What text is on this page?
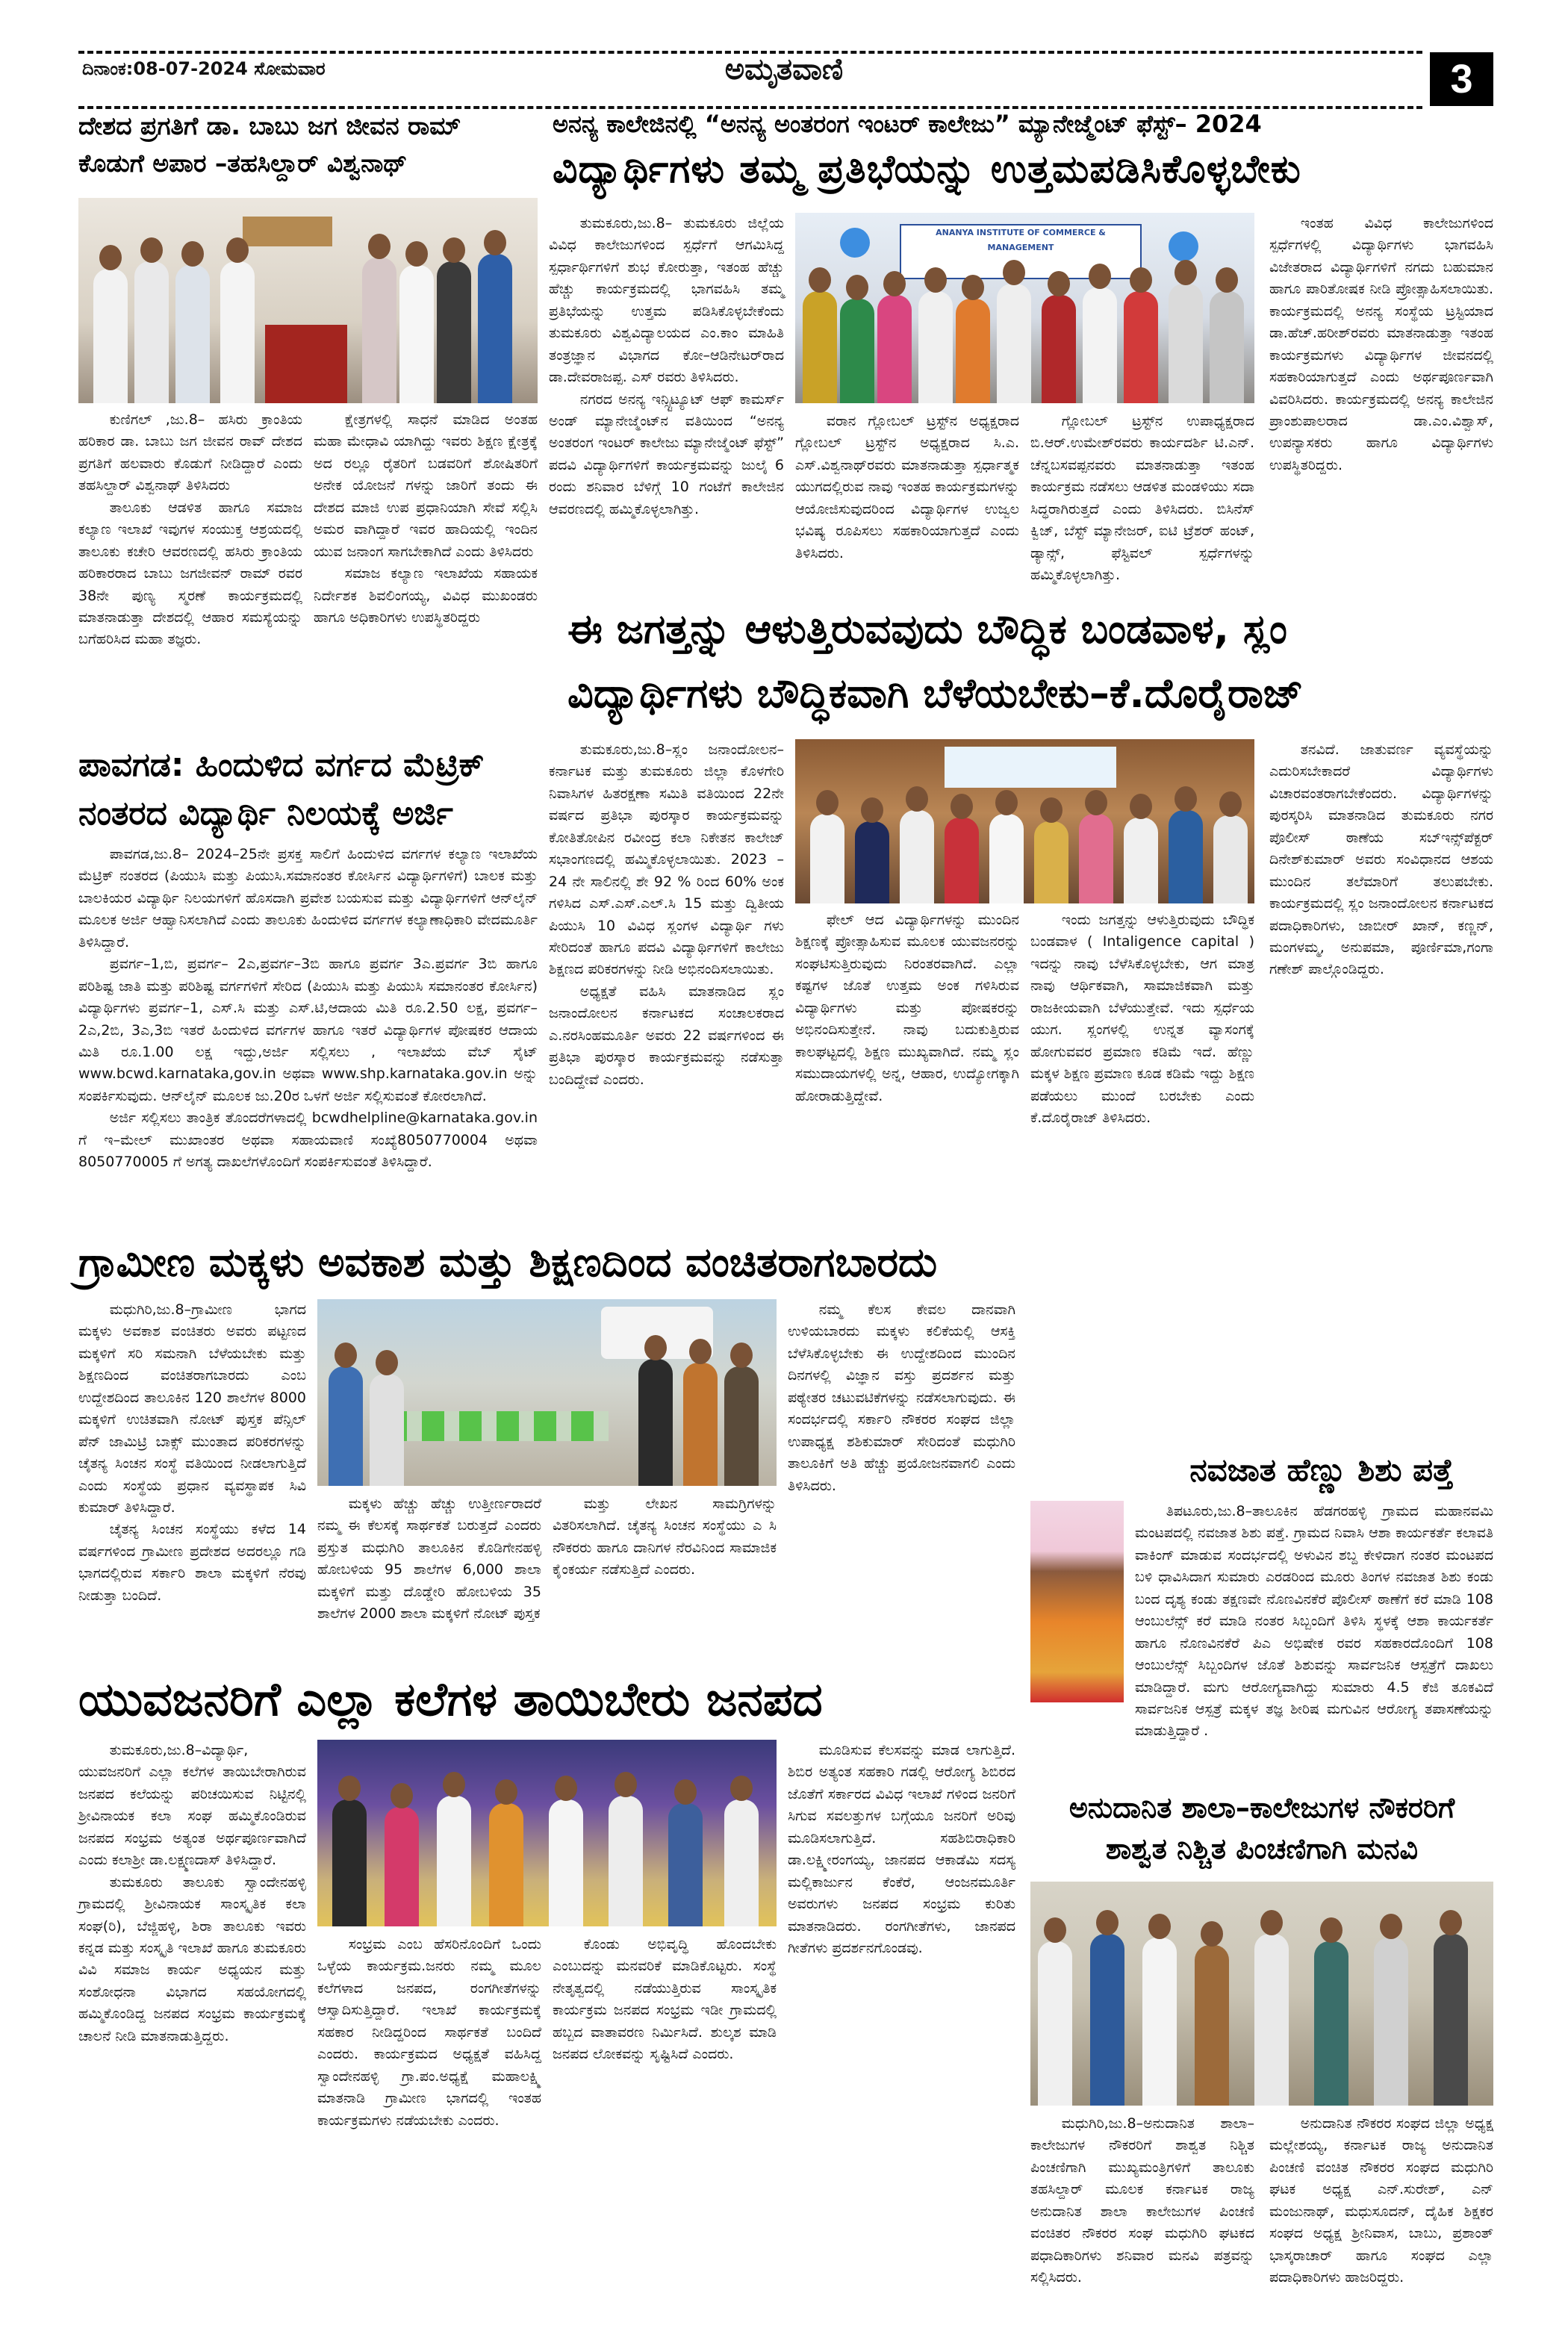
ದಿನಾಂಕ:08-07-2024 ಸೋಮವಾರ	ಅಮೃತವಾಣಿ	3
ದೇಶದ ಪ್ರಗತಿಗೆ ಡಾ. ಬಾಬು ಜಗ ಜೀವನ ರಾಮ್
ಕೊಡುಗೆ ಅಪಾರ –ತಹಸಿಲ್ದಾರ್ ವಿಶ್ವನಾಥ್

ಕುಣಿಗಲ್ ,ಜು.8– ಹಸಿರು ಕ್ರಾಂತಿಯ ಹರಿಕಾರ ಡಾ. ಬಾಬು ಜಗ ಜೀವನ ರಾವ್ ದೇಶದ ಪ್ರಗತಿಗೆ ಹಲವಾರು ಕೊಡುಗೆ ನೀಡಿದ್ದಾರೆ ಎಂದು ತಹಸಿಲ್ದಾರ್ ವಿಶ್ವನಾಥ್ ತಿಳಿಸಿದರು

ತಾಲೂಕು ಆಡಳಿತ ಹಾಗೂ ಸಮಾಜ ಕಲ್ಯಾಣ ಇಲಾಖೆ ಇವುಗಳ ಸಂಯುಕ್ತ ಆಶ್ರಯದಲ್ಲಿ ತಾಲೂಕು ಕಚೇರಿ ಆವರಣದಲ್ಲಿ ಹಸಿರು ಕ್ರಾಂತಿಯ ಹರಿಕಾರರಾದ ಬಾಬು ಜಗಜೀವನ್ ರಾಮ್ ರವರ 38ನೇ ಪುಣ್ಯ ಸ್ಮರಣೆ ಕಾರ್ಯಕ್ರಮದಲ್ಲಿ ಮಾತನಾಡುತ್ತಾ ದೇಶದಲ್ಲಿ ಆಹಾರ ಸಮಸ್ಯೆಯನ್ನು ಬಗೆಹರಿಸಿದ ಮಹಾ ತಜ್ಞರು.

ಕ್ಷೇತ್ರಗಳಲ್ಲಿ ಸಾಧನೆ ಮಾಡಿದ ಅಂತಹ ಮಹಾ ಮೇಧಾವಿ ಯಾಗಿದ್ದು ಇವರು ಶಿಕ್ಷಣ ಕ್ಷೇತ್ರಕ್ಕೆ ಅದ ರಲ್ಲೂ ರೈತರಿಗೆ ಬಡವರಿಗೆ ಶೋಷಿತರಿಗೆ ಅನೇಕ ಯೋಜನೆ ಗಳನ್ನು ಜಾರಿಗೆ ತಂದು ಈ ದೇಶದ ಮಾಜಿ ಉಪ ಪ್ರಧಾನಿಯಾಗಿ ಸೇವೆ ಸಲ್ಲಿಸಿ ಅಮರ ವಾಗಿದ್ದಾರೆ ಇವರ ಹಾದಿಯಲ್ಲಿ ಇಂದಿನ ಯುವ ಜನಾಂಗ ಸಾಗಬೇಕಾಗಿದೆ ಎಂದು ತಿಳಿಸಿದರು

ಸಮಾಜ ಕಲ್ಯಾಣ ಇಲಾಖೆಯ ಸಹಾಯಕ ನಿರ್ದೇಶಕ ಶಿವಲಿಂಗಯ್ಯ, ವಿವಿಧ ಮುಖಂಡರು ಹಾಗೂ ಅಧಿಕಾರಿಗಳು ಉಪಸ್ಥಿತರಿದ್ದರು

ಅನನ್ಯ ಕಾಲೇಜಿನಲ್ಲಿ “ಅನನ್ಯ ಅಂತರಂಗ ಇಂಟರ್ ಕಾಲೇಜು” ಮ್ಯಾನೇಜ್ಮೆಂಟ್ ಫೆಸ್ಟ್– 2024
ವಿದ್ಯಾರ್ಥಿಗಳು ತಮ್ಮ ಪ್ರತಿಭೆಯನ್ನು ಉತ್ತಮಪಡಿಸಿಕೊಳ್ಳಬೇಕು

ತುಮಕೂರು,ಜು.8– ತುಮಕೂರು ಜಿಲ್ಲೆಯ ವಿವಿಧ ಕಾಲೇಜುಗಳಿಂದ ಸ್ಪರ್ಧೆಗೆ ಆಗಮಿಸಿದ್ದ ಸ್ಪರ್ಧಾರ್ಥಿಗಳಿಗೆ ಶುಭ ಕೋರುತ್ತಾ, ಇತಂಹ ಹೆಚ್ಚು ಹೆಚ್ಚು ಕಾರ್ಯಕ್ರಮದಲ್ಲಿ ಭಾಗವಹಿಸಿ ತಮ್ಮ ಪ್ರತಿಭೆಯನ್ನು ಉತ್ತಮ ಪಡಿಸಿಕೊಳ್ಳಬೇಕೆಂದು ತುಮಕೂರು ವಿಶ್ವವಿದ್ಯಾಲಯದ ಎಂ.ಕಾಂ ಮಾಹಿತಿ ತಂತ್ರಜ್ಞಾನ ವಿಭಾಗದ ಕೋ–ಆಡಿನೇಟರ್‌ರಾದ ಡಾ.ದೇವರಾಜಪ್ಪ. ಎಸ್ ರವರು ತಿಳಿಸಿದರು.

ನಗರದ ಅನನ್ಯ ಇನ್ಸ್ಟಿಟ್ಯೂಟ್ ಆಫ್ ಕಾಮರ್ಸ್ ಅಂಡ್ ಮ್ಯಾನೇಜ್ಮೆಂಟ್‌ನ ವತಿಯಿಂದ “ಅನನ್ಯ ಅಂತರಂಗ ಇಂಟರ್ ಕಾಲೇಜು ಮ್ಯಾನೇಜ್ಮೆಂಟ್ ಫೆಸ್ಟ್” ಪದವಿ ವಿದ್ಯಾರ್ಥಿಗಳಿಗೆ ಕಾರ್ಯಕ್ರಮವನ್ನು ಜುಲೈ 6 ರಂದು ಶನಿವಾರ ಬೆಳಿಗ್ಗೆ 10 ಗಂಟೆಗೆ ಕಾಲೇಜಿನ ಆವರಣದಲ್ಲಿ ಹಮ್ಮಿಕೊಳ್ಳಲಾಗಿತ್ತು.

ANANYA INSTITUTE OF COMMERCE & MANAGEMENT

ವರಾನ ಗ್ಲೋಬಲ್ ಟ್ರಸ್ಟ್‌ನ ಅಧ್ಯಕ್ಷರಾದ ಗ್ಲೋಬಲ್ ಟ್ರಸ್ಟ್‌ನ ಅಧ್ಯಕ್ಷರಾದ ಸಿ.ಎ. ಎಸ್.ವಿಶ್ವನಾಥ್‌ರವರು ಮಾತನಾಡುತ್ತಾ ಸ್ಪರ್ಧಾತ್ಮಕ ಯುಗದಲ್ಲಿರುವ ನಾವು ಇಂತಹ ಕಾರ್ಯಕ್ರಮಗಳನ್ನು ಆಯೋಜಿಸುವುದರಿಂದ ವಿದ್ಯಾರ್ಥಿಗಳ ಉಜ್ವಲ ಭವಿಷ್ಯ ರೂಪಿಸಲು ಸಹಕಾರಿಯಾಗುತ್ತದೆ ಎಂದು ತಿಳಿಸಿದರು.

ಗ್ಲೋಬಲ್ ಟ್ರಸ್ಟ್‌ನ ಉಪಾಧ್ಯಕ್ಷರಾದ ಬಿ.ಆರ್.ಉಮೇಶ್‌ರವರು ಕಾರ್ಯದರ್ಶಿ ಟಿ.ಎನ್. ಚೆನ್ನಬಸವಪ್ಪನವರು ಮಾತನಾಡುತ್ತಾ ಇತಂಹ ಕಾರ್ಯಕ್ರಮ ನಡೆಸಲು ಆಡಳಿತ ಮಂಡಳಿಯು ಸದಾ ಸಿದ್ಧರಾಗಿರುತ್ತದೆ ಎಂದು ತಿಳಿಸಿದರು. ಬಿಸಿನೆಸ್ ಕ್ವಿಜ್, ಬೆಸ್ಟ್ ಮ್ಯಾನೇಜರ್, ಐಟಿ ಟ್ರೆಶರ್ ಹಂಟ್, ಡ್ಯಾನ್ಸ್, ಫೆಸ್ಟಿವಲ್ ಸ್ಪರ್ಧೆಗಳನ್ನು ಹಮ್ಮಿಕೊಳ್ಳಲಾಗಿತ್ತು.

ಇಂತಹ ವಿವಿಧ ಕಾಲೇಜುಗಳಿಂದ ಸ್ಪರ್ಧೆಗಳಲ್ಲಿ ವಿದ್ಯಾರ್ಥಿಗಳು ಭಾಗವಹಿಸಿ ವಿಜೇತರಾದ ವಿದ್ಯಾರ್ಥಿಗಳಿಗೆ ನಗದು ಬಹುಮಾನ ಹಾಗೂ ಪಾರಿತೋಷಕ ನೀಡಿ ಪ್ರೋತ್ಸಾಹಿಸಲಾಯಿತು. ಕಾರ್ಯಕ್ರಮದಲ್ಲಿ ಅನನ್ಯ ಸಂಸ್ಥೆಯ ಟ್ರಸ್ಟಿಯಾದ ಡಾ.ಹೆಚ್.ಹರೀಶ್‌ರವರು ಮಾತನಾಡುತ್ತಾ ಇತಂಹ ಕಾರ್ಯಕ್ರಮಗಳು ವಿದ್ಯಾರ್ಥಿಗಳ ಜೀವನದಲ್ಲಿ ಸಹಕಾರಿಯಾಗುತ್ತದೆ ಎಂದು ಅರ್ಥಪೂರ್ಣವಾಗಿ ವಿವರಿಸಿದರು. ಕಾರ್ಯಕ್ರಮದಲ್ಲಿ ಅನನ್ಯ ಕಾಲೇಜಿನ ಪ್ರಾಂಶುಪಾಲರಾದ ಡಾ.ಎಂ.ವಿಶ್ವಾಸ್, ಉಪನ್ಯಾಸಕರು ಹಾಗೂ ವಿದ್ಯಾರ್ಥಿಗಳು ಉಪಸ್ಥಿತರಿದ್ದರು.

ಈ ಜಗತ್ತನ್ನು ಆಳುತ್ತಿರುವವುದು ಬೌದ್ಧಿಕ ಬಂಡವಾಳ, ಸ್ಲಂ
ವಿದ್ಯಾರ್ಥಿಗಳು ಬೌದ್ಧಿಕವಾಗಿ ಬೆಳೆಯಬೇಕು–ಕೆ.ದೊರೈರಾಜ್

ತುಮಕೂರು,ಜು.8–ಸ್ಲಂ ಜನಾಂದೋಲನ–ಕರ್ನಾಟಕ ಮತ್ತು ತುಮಕೂರು ಜಿಲ್ಲಾ ಕೊಳಗೇರಿ ನಿವಾಸಿಗಳ ಹಿತರಕ್ಷಣಾ ಸಮಿತಿ ವತಿಯಿಂದ 22ನೇ ವರ್ಷದ ಪ್ರತಿಭಾ ಪುರಸ್ಕಾರ ಕಾರ್ಯಕ್ರಮವನ್ನು ಕೋತಿತೋಪಿನ ರವೀಂದ್ರ ಕಲಾ ನಿಕೇತನ ಕಾಲೇಜ್ ಸಭಾಂಗಣದಲ್ಲಿ ಹಮ್ಮಿಕೊಳ್ಳಲಾಯಿತು. 2023 – 24 ನೇ ಸಾಲಿನಲ್ಲಿ ಶೇ 92 % ರಿಂದ 60% ಅಂಕ ಗಳಿಸಿದ ಎಸ್.ಎಸ್.ಎಲ್.ಸಿ 15 ಮತ್ತು ದ್ವಿತೀಯ ಪಿಯುಸಿ 10 ವಿವಿಧ ಸ್ಲಂಗಳ ವಿದ್ಯಾರ್ಥಿ ಗಳು ಸೇರಿದಂತೆ ಹಾಗೂ ಪದವಿ ವಿದ್ಯಾರ್ಥಿಗಳಿಗೆ ಕಾಲೇಜು ಶಿಕ್ಷಣದ ಪರಿಕರಗಳನ್ನು ನೀಡಿ ಅಭಿನಂದಿಸಲಾಯಿತು.

ಅಧ್ಯಕ್ಷತೆ ವಹಿಸಿ ಮಾತನಾಡಿದ ಸ್ಲಂ ಜನಾಂದೋಲನ ಕರ್ನಾಟಕದ ಸಂಚಾಲಕರಾದ ಎ.ನರಸಿಂಹಮೂರ್ತಿ ಅವರು 22 ವರ್ಷಗಳಿಂದ ಈ ಪ್ರತಿಭಾ ಪುರಸ್ಕಾರ ಕಾರ್ಯಕ್ರಮವನ್ನು ನಡೆಸುತ್ತಾ ಬಂದಿದ್ದೇವೆ ಎಂದರು.

ಫೇಲ್ ಆದ ವಿದ್ಯಾರ್ಥಿಗಳನ್ನು ಮುಂದಿನ ಶಿಕ್ಷಣಕ್ಕೆ ಪ್ರೋತ್ಸಾಹಿಸುವ ಮೂಲಕ ಯುವಜನರನ್ನು ಸಂಘಟಿಸುತ್ತಿರುವುದು ನಿರಂತರವಾಗಿದೆ. ಎಲ್ಲಾ ಕಷ್ಟಗಳ ಜೊತೆ ಉತ್ತಮ ಅಂಕ ಗಳಿಸಿರುವ ವಿದ್ಯಾರ್ಥಿಗಳು ಮತ್ತು ಪೋಷಕರನ್ನು ಅಭಿನಂದಿಸುತ್ತೇನೆ. ನಾವು ಬದುಕುತ್ತಿರುವ ಕಾಲಘಟ್ಟದಲ್ಲಿ ಶಿಕ್ಷಣ ಮುಖ್ಯವಾಗಿದೆ. ನಮ್ಮ ಸ್ಲಂ ಸಮುದಾಯಗಳಲ್ಲಿ ಅನ್ನ, ಆಹಾರ, ಉದ್ಯೋಗಕ್ಕಾಗಿ ಹೋರಾಡುತ್ತಿದ್ದೇವೆ.

ಇಂದು ಜಗತ್ತನ್ನು ಆಳುತ್ತಿರುವುದು ಬೌದ್ಧಿಕ ಬಂಡವಾಳ ( Intaligence capital ) ಇದನ್ನು ನಾವು ಬೆಳೆಸಿಕೊಳ್ಳಬೇಕು, ಆಗ ಮಾತ್ರ ನಾವು ಆರ್ಥಿಕವಾಗಿ, ಸಾಮಾಜಿಕವಾಗಿ ಮತ್ತು ರಾಜಕೀಯವಾಗಿ ಬೆಳೆಯುತ್ತೇವೆ. ಇದು ಸ್ಪರ್ಧೆಯ ಯುಗ. ಸ್ಲಂಗಳಲ್ಲಿ ಉನ್ನತ ವ್ಯಾಸಂಗಕ್ಕೆ ಹೋಗುವವರ ಪ್ರಮಾಣ ಕಡಿಮೆ ಇದೆ. ಹೆಣ್ಣು ಮಕ್ಕಳ ಶಿಕ್ಷಣ ಪ್ರಮಾಣ ಕೂಡ ಕಡಿಮೆ ಇದ್ದು ಶಿಕ್ಷಣ ಪಡೆಯಲು ಮುಂದೆ ಬರಬೇಕು ಎಂದು ಕೆ.ದೊರೈರಾಜ್ ತಿಳಿಸಿದರು.

ತನವಿದೆ. ಜಾತುವರ್ಣ ವ್ಯವಸ್ಥೆಯನ್ನು ಎದುರಿಸಬೇಕಾದರೆ ವಿದ್ಯಾರ್ಥಿಗಳು ವಿಚಾರವಂತರಾಗಬೇಕೆಂದರು. ವಿದ್ಯಾರ್ಥಿಗಳನ್ನು ಪುರಸ್ಕರಿಸಿ ಮಾತನಾಡಿದ ತುಮಕೂರು ನಗರ ಪೊಲೀಸ್ ಠಾಣೆಯ ಸಬ್‌ಇನ್ಸ್‌ಪೆಕ್ಟರ್ ದಿನೇಶ್‌ಕುಮಾರ್ ಅವರು ಸಂವಿಧಾನದ ಆಶಯ ಮುಂದಿನ ತಲೆಮಾರಿಗೆ ತಲುಪಬೇಕು. ಕಾರ್ಯಕ್ರಮದಲ್ಲಿ ಸ್ಲಂ ಜನಾಂದೋಲನ ಕರ್ನಾಟಕದ ಪದಾಧಿಕಾರಿಗಳು, ಜಾಬೀರ್ ಖಾನ್, ಕಣ್ಣನ್, ಮಂಗಳಮ್ಮ, ಅನುಪಮಾ, ಪೂರ್ಣಿಮಾ,ಗಂಗಾ ಗಣೇಶ್ ಪಾಲ್ಗೊಂಡಿದ್ದರು.

ಪಾವಗಡ: ಹಿಂದುಳಿದ ವರ್ಗದ ಮೆಟ್ರಿಕ್
ನಂತರದ ವಿದ್ಯಾರ್ಥಿ ನಿಲಯಕ್ಕೆ ಅರ್ಜಿ

ಪಾವಗಡ,ಜು.8– 2024–25ನೇ ಪ್ರಸಕ್ತ ಸಾಲಿಗೆ ಹಿಂದುಳಿದ ವರ್ಗಗಳ ಕಲ್ಯಾಣ ಇಲಾಖೆಯ ಮೆಟ್ರಿಕ್ ನಂತರದ (ಪಿಯುಸಿ ಮತ್ತು ಪಿಯುಸಿ.ಸಮಾನಂತರ ಕೋರ್ಸಿನ ವಿದ್ಯಾರ್ಥಿಗಳಿಗೆ) ಬಾಲಕ ಮತ್ತು ಬಾಲಕಿಯರ ವಿದ್ಯಾರ್ಥಿ ನಿಲಯಗಳಿಗೆ ಹೊಸದಾಗಿ ಪ್ರವೇಶ ಬಯಸುವ ಮತ್ತು ವಿದ್ಯಾರ್ಥಿಗಳಿಗೆ ಆನ್‌ಲೈನ್ ಮೂಲಕ ಅರ್ಜಿ ಆಹ್ವಾನಿಸಲಾಗಿದೆ ಎಂದು ತಾಲೂಕು ಹಿಂದುಳಿದ ವರ್ಗಗಳ ಕಲ್ಯಾಣಾಧಿಕಾರಿ ವೇದಮೂರ್ತಿ ತಿಳಿಸಿದ್ದಾರೆ.

ಪ್ರವರ್ಗ–1,ಬಿ, ಪ್ರವರ್ಗ– 2ಎ,ಪ್ರವರ್ಗ–3ಬಿ ಹಾಗೂ ಪ್ರವರ್ಗ 3ಎ.ಪ್ರವರ್ಗ 3ಬಿ ಹಾಗೂ ಪರಿಶಿಷ್ಟ ಜಾತಿ ಮತ್ತು ಪರಿಶಿಷ್ಟ ವರ್ಗಗಳಿಗೆ ಸೇರಿದ (ಪಿಯುಸಿ ಮತ್ತು ಪಿಯುಸಿ ಸಮಾನಂತರ ಕೋರ್ಸಿನ) ವಿದ್ಯಾರ್ಥಿಗಳು ಪ್ರವರ್ಗ–1, ಎಸ್.ಸಿ ಮತ್ತು ಎಸ್.ಟಿ,ಆದಾಯ ಮಿತಿ ರೂ.2.50 ಲಕ್ಷ, ಪ್ರವರ್ಗ– 2ಎ,2ಬಿ, 3ಎ,3ಬಿ ಇತರೆ ಹಿಂದುಳಿದ ವರ್ಗಗಳ ಹಾಗೂ ಇತರೆ ವಿದ್ಯಾರ್ಥಿಗಳ ಪೋಷಕರ ಆದಾಯ ಮಿತಿ ರೂ.1.00 ಲಕ್ಷ ಇದ್ದು,ಅರ್ಜಿ ಸಲ್ಲಿಸಲು , ಇಲಾಖೆಯ ವೆಬ್ ಸೈಟ್ www.bcwd.karnataka,gov.in ಅಥವಾ www.shp.karnataka.gov.in ಅನ್ನು ಸಂಪರ್ಕಿಸುವುದು. ಆನ್‌ಲೈನ್ ಮೂಲಕ ಜು.20ರ ಒಳಗೆ ಅರ್ಜಿ ಸಲ್ಲಿಸುವಂತೆ ಕೋರಲಾಗಿದೆ.

ಅರ್ಜಿ ಸಲ್ಲಿಸಲು ತಾಂತ್ರಿಕ ತೊಂದರೆಗಳಾದಲ್ಲಿ bcwdhelpline@karnataka.gov.in ಗೆ ಇ–ಮೇಲ್ ಮುಖಾಂತರ ಅಥವಾ ಸಹಾಯವಾಣಿ ಸಂಖ್ಯೆ8050770004 ಅಥವಾ 8050770005 ಗೆ ಅಗತ್ಯ ದಾಖಲೆಗಳೊಂದಿಗೆ ಸಂಪರ್ಕಿಸುವಂತೆ ತಿಳಿಸಿದ್ದಾರೆ.

ಗ್ರಾಮೀಣ ಮಕ್ಕಳು ಅವಕಾಶ ಮತ್ತು ಶಿಕ್ಷಣದಿಂದ ವಂಚಿತರಾಗಬಾರದು

ಮಧುಗಿರಿ,ಜು.8–ಗ್ರಾಮೀಣ ಭಾಗದ ಮಕ್ಕಳು ಅವಕಾಶ ವಂಚಿತರು ಅವರು ಪಟ್ಟಣದ ಮಕ್ಕಳಿಗೆ ಸರಿ ಸಮನಾಗಿ ಬೆಳೆಯಬೇಕು ಮತ್ತು ಶಿಕ್ಷಣದಿಂದ ವಂಚಿತರಾಗಬಾರದು ಎಂಬ ಉದ್ದೇಶದಿಂದ ತಾಲೂಕಿನ 120 ಶಾಲೆಗಳ 8000 ಮಕ್ಕಳಿಗೆ ಉಚಿತವಾಗಿ ನೋಟ್ ಪುಸ್ತಕ ಪೆನ್ಸಿಲ್ ಪೆನ್ ಜಾಮಿಟ್ರಿ ಬಾಕ್ಸ್ ಮುಂತಾದ ಪರಿಕರಗಳನ್ನು ಚೈತನ್ಯ ಸಿಂಚನ ಸಂಸ್ಥೆ ವತಿಯಿಂದ ನೀಡಲಾಗುತ್ತಿದೆ ಎಂದು ಸಂಸ್ಥೆಯ ಪ್ರಧಾನ ವ್ಯವಸ್ಥಾಪಕ ಸಿವಿ ಕುಮಾರ್ ತಿಳಿಸಿದ್ದಾರೆ.

ಚೈತನ್ಯ ಸಿಂಚನ ಸಂಸ್ಥೆಯು ಕಳೆದ 14 ವರ್ಷಗಳಿಂದ ಗ್ರಾಮೀಣ ಪ್ರದೇಶದ ಅದರಲ್ಲೂ ಗಡಿ ಭಾಗದಲ್ಲಿರುವ ಸರ್ಕಾರಿ ಶಾಲಾ ಮಕ್ಕಳಿಗೆ ನೆರವು ನೀಡುತ್ತಾ ಬಂದಿದೆ.

ಮಕ್ಕಳು ಹೆಚ್ಚು ಹೆಚ್ಚು ಉತ್ತೀರ್ಣರಾದರೆ ನಮ್ಮ ಈ ಕೆಲಸಕ್ಕೆ ಸಾರ್ಥಕತೆ ಬರುತ್ತದೆ ಎಂದರು ಪ್ರಸ್ತುತ ಮಧುಗಿರಿ ತಾಲೂಕಿನ ಕೊಡಿಗೇನಹಳ್ಳಿ ಹೋಬಳಿಯ 95 ಶಾಲೆಗಳ 6,000 ಶಾಲಾ ಮಕ್ಕಳಿಗೆ ಮತ್ತು ದೊಡ್ಡೇರಿ ಹೋಬಳಿಯ 35 ಶಾಲೆಗಳ 2000 ಶಾಲಾ ಮಕ್ಕಳಿಗೆ ನೋಟ್ ಪುಸ್ತಕ

ಮತ್ತು ಲೇಖನ ಸಾಮಗ್ರಿಗಳನ್ನು ವಿತರಿಸಲಾಗಿದೆ. ಚೈತನ್ಯ ಸಿಂಚನ ಸಂಸ್ಥೆಯು ಎ ಸಿ ನೌಕರರು ಹಾಗೂ ದಾನಿಗಳ ನೆರವಿನಿಂದ ಸಾಮಾಜಿಕ ಕೈಂಕರ್ಯ ನಡೆಸುತ್ತಿದೆ ಎಂದರು.

ನಮ್ಮ ಕೆಲಸ ಕೇವಲ ದಾನವಾಗಿ ಉಳಿಯಬಾರದು ಮಕ್ಕಳು ಕಲಿಕೆಯಲ್ಲಿ ಆಸಕ್ತಿ ಬೆಳೆಸಿಕೊಳ್ಳಬೇಕು ಈ ಉದ್ದೇಶದಿಂದ ಮುಂದಿನ ದಿನಗಳಲ್ಲಿ ವಿಜ್ಞಾನ ವಸ್ತು ಪ್ರದರ್ಶನ ಮತ್ತು ಪಠ್ಯೇತರ ಚಟುವಟಿಕೆಗಳನ್ನು ನಡೆಸಲಾಗುವುದು. ಈ ಸಂದರ್ಭದಲ್ಲಿ ಸರ್ಕಾರಿ ನೌಕರರ ಸಂಘದ ಜಿಲ್ಲಾ ಉಪಾಧ್ಯಕ್ಷ ಶಶಿಕುಮಾರ್ ಸೇರಿದಂತೆ ಮಧುಗಿರಿ ತಾಲೂಕಿಗೆ ಅತಿ ಹೆಚ್ಚು ಪ್ರಯೋಜನವಾಗಲಿ ಎಂದು ತಿಳಿಸಿದರು.	ನವಜಾತ ಹೆಣ್ಣು ಶಿಶು ಪತ್ತೆ

ತಿಪಟೂರು,ಜು.8–ತಾಲೂಕಿನ ಹೆಡಗರಹಳ್ಳಿ ಗ್ರಾಮದ ಮಹಾನವಮಿ ಮಂಟಪದಲ್ಲಿ ನವಜಾತ ಶಿಶು ಪತ್ತೆ. ಗ್ರಾಮದ ನಿವಾಸಿ ಆಶಾ ಕಾರ್ಯಕರ್ತೆ ಕಲಾವತಿ ವಾಕಿಂಗ್ ಮಾಡುವ ಸಂದರ್ಭದಲ್ಲಿ ಅಳುವಿನ ಶಬ್ದ ಕೇಳಿದಾಗ ನಂತರ ಮಂಟಪದ ಬಳಿ ಧಾವಿಸಿದಾಗ ಸುಮಾರು ಎರಡರಿಂದ ಮೂರು ತಿಂಗಳ ನವಜಾತ ಶಿಶು ಕಂಡು ಬಂದ ದೃಶ್ಯ ಕಂಡು ತಕ್ಷಣವೇ ನೊಣವಿನಕೆರೆ ಪೊಲೀಸ್ ಠಾಣೆಗೆ ಕರೆ ಮಾಡಿ 108 ಆಂಬುಲೆನ್ಸ್ ಕರೆ ಮಾಡಿ ನಂತರ ಸಿಬ್ಬಂದಿಗೆ ತಿಳಿಸಿ ಸ್ಥಳಕ್ಕೆ ಆಶಾ ಕಾರ್ಯಕರ್ತೆ ಹಾಗೂ ನೊಣವಿನಕೆರೆ ಪಿಎ ಅಭಿಷೇಕ ರವರ ಸಹಕಾರದೊಂದಿಗೆ 108 ಆಂಬುಲೆನ್ಸ್ ಸಿಬ್ಬಂದಿಗಳ ಜೊತೆ ಶಿಶುವನ್ನು ಸಾರ್ವಜನಿಕ ಆಸ್ಪತ್ರೆಗೆ ದಾಖಲು ಮಾಡಿದ್ದಾರೆ. ಮಗು ಆರೋಗ್ಯವಾಗಿದ್ದು ಸುಮಾರು 4.5 ಕೆಜಿ ತೂಕವಿದೆ ಸಾರ್ವಜನಿಕ ಆಸ್ಪತ್ರೆ ಮಕ್ಕಳ ತಜ್ಞ ಶೀರಿಷ ಮಗುವಿನ ಆರೋಗ್ಯ ತಪಾಸಣೆಯನ್ನು ಮಾಡುತ್ತಿದ್ದಾರೆ .

ಅನುದಾನಿತ ಶಾಲಾ–ಕಾಲೇಜುಗಳ ನೌಕರರಿಗೆ
ಶಾಶ್ವತ ನಿಶ್ಚಿತ ಪಿಂಚಣಿಗಾಗಿ ಮನವಿ

ಮಧುಗಿರಿ,ಜು.8–ಅನುದಾನಿತ ಶಾಲಾ–ಕಾಲೇಜುಗಳ ನೌಕರರಿಗೆ ಶಾಶ್ವತ ನಿಶ್ಚಿತ ಪಿಂಚಣಿಗಾಗಿ ಮುಖ್ಯಮಂತ್ರಿಗಳಿಗೆ ತಾಲೂಕು ತಹಸಿಲ್ದಾರ್ ಮೂಲಕ ಕರ್ನಾಟಕ ರಾಜ್ಯ ಅನುದಾನಿತ ಶಾಲಾ ಕಾಲೇಜುಗಳ ಪಿಂಚಣಿ ವಂಚಿತರ ನೌಕರರ ಸಂಘ ಮಧುಗಿರಿ ಘಟಕದ ಪಧಾದಿಕಾರಿಗಳು ಶನಿವಾರ ಮನವಿ ಪತ್ರವನ್ನು ಸಲ್ಲಿಸಿದರು.

ಅನುದಾನಿತ ನೌಕರರ ಸಂಘದ ಜಿಲ್ಲಾ ಅಧ್ಯಕ್ಷ ಮಲ್ಲೇಶಯ್ಯ, ಕರ್ನಾಟಕ ರಾಜ್ಯ ಅನುದಾನಿತ ಪಿಂಚಣಿ ವಂಚಿತ ನೌಕರರ ಸಂಘದ ಮಧುಗಿರಿ ಘಟಕ ಅಧ್ಯಕ್ಷ ಎನ್.ಸುರೇಶ್, ಎನ್ ಮಂಜುನಾಥ್, ಮಧುಸೂದನ್, ದೈಹಿಕ ಶಿಕ್ಷಕರ ಸಂಘದ ಅಧ್ಯಕ್ಷ ಶ್ರೀನಿವಾಸ, ಬಾಬು, ಪ್ರಶಾಂತ್ ಭಾಸ್ಕರಾಚಾರ್ ಹಾಗೂ ಸಂಘದ ಎಲ್ಲಾ ಪದಾಧಿಕಾರಿಗಳು ಹಾಜರಿದ್ದರು.

ಯುವಜನರಿಗೆ ಎಲ್ಲಾ ಕಲೆಗಳ ತಾಯಿಬೇರು ಜನಪದ

ತುಮಕೂರು,ಜು.8–ವಿದ್ಯಾರ್ಥಿ, ಯುವಜನರಿಗೆ ಎಲ್ಲಾ ಕಲೆಗಳ ತಾಯಿಬೇರಾಗಿರುವ ಜನಪದ ಕಲೆಯನ್ನು ಪರಿಚಯಿಸುವ ನಿಟ್ಟಿನಲ್ಲಿ ಶ್ರೀವಿನಾಯಕ ಕಲಾ ಸಂಘ ಹಮ್ಮಿಕೊಂಡಿರುವ ಜನಪದ ಸಂಭ್ರಮ ಅತ್ಯಂತ ಅರ್ಥಪೂರ್ಣವಾಗಿದೆ ಎಂದು ಕಲಾಶ್ರೀ ಡಾ.ಲಕ್ಷ್ಮಣದಾಸ್ ತಿಳಿಸಿದ್ದಾರೆ.

ತುಮಕೂರು ತಾಲೂಕು ಸ್ವಾಂದೇನಹಳ್ಳಿ ಗ್ರಾಮದಲ್ಲಿ ಶ್ರೀವಿನಾಯಕ ಸಾಂಸ್ಕೃತಿಕ ಕಲಾ ಸಂಘ(ರಿ), ಬೆಜ್ಜಿಹಳ್ಳಿ, ಶಿರಾ ತಾಲೂಕು ಇವರು ಕನ್ನಡ ಮತ್ತು ಸಂಸ್ಕೃತಿ ಇಲಾಖೆ ಹಾಗೂ ತುಮಕೂರು ವಿವಿ ಸಮಾಜ ಕಾರ್ಯ ಅಧ್ಯಯನ ಮತ್ತು ಸಂಶೋಧನಾ ವಿಭಾಗದ ಸಹಯೋಗದಲ್ಲಿ ಹಮ್ಮಿಕೊಂಡಿದ್ದ ಜನಪದ ಸಂಭ್ರಮ ಕಾರ್ಯಕ್ರಮಕ್ಕೆ ಚಾಲನೆ ನೀಡಿ ಮಾತನಾಡುತ್ತಿದ್ದರು.

ಸಂಭ್ರಮ ಎಂಬ ಹೆಸರಿನೊಂದಿಗೆ ಒಂದು ಒಳ್ಳೆಯ ಕಾರ್ಯಕ್ರಮ.ಜನರು ನಮ್ಮ ಮೂಲ ಕಲೆಗಳಾದ ಜನಪದ, ರಂಗಗೀತೆಗಳನ್ನು ಆಸ್ವಾದಿಸುತ್ತಿದ್ದಾರೆ. ಇಲಾಖೆ ಕಾರ್ಯಕ್ರಮಕ್ಕೆ ಸಹಕಾರ ನೀಡಿದ್ದರಿಂದ ಸಾರ್ಥಕತೆ ಬಂದಿದೆ ಎಂದರು. ಕಾರ್ಯಕ್ರಮದ ಅಧ್ಯಕ್ಷತೆ ವಹಿಸಿದ್ದ ಸ್ವಾಂದೇನಹಳ್ಳಿ ಗ್ರಾ.ಪಂ.ಅಧ್ಯಕ್ಷೆ ಮಹಾಲಕ್ಷ್ಮಿ ಮಾತನಾಡಿ ಗ್ರಾಮೀಣ ಭಾಗದಲ್ಲಿ ಇಂತಹ ಕಾರ್ಯಕ್ರಮಗಳು ನಡೆಯಬೇಕು ಎಂದರು.

ಕೊಂಡು ಅಭಿವೃದ್ಧಿ ಹೊಂದಬೇಕು ಎಂಬುದನ್ನು ಮನವರಿಕೆ ಮಾಡಿಕೊಟ್ಟರು. ಸಂಸ್ಥೆ ನೇತೃತ್ವದಲ್ಲಿ ನಡೆಯುತ್ತಿರುವ ಸಾಂಸ್ಕೃತಿಕ ಕಾರ್ಯಕ್ರಮ ಜನಪದ ಸಂಭ್ರಮ ಇಡೀ ಗ್ರಾಮದಲ್ಲಿ ಹಬ್ಬದ ವಾತಾವರಣ ನಿರ್ಮಿಸಿದೆ. ಶುಲ್ಕಶ ಮಾಡಿ ಜನಪದ ಲೋಕವನ್ನು ಸೃಷ್ಟಿಸಿದೆ ಎಂದರು.

ಮೂಡಿಸುವ ಕೆಲಸವನ್ನು ಮಾಡ ಲಾಗುತ್ತಿದೆ. ಶಿಬಿರ ಅತ್ಯಂತ ಸಹಕಾರಿ ಗಡಲ್ಲಿ ಆರೋಗ್ಯ ಶಿಬಿರದ ಜೊತೆಗೆ ಸರ್ಕಾರದ ವಿವಿಧ ಇಲಾಖೆ ಗಳಿಂದ ಜನರಿಗೆ ಸಿಗುವ ಸವಲತ್ತುಗಳ ಬಗ್ಗೆಯೂ ಜನರಿಗೆ ಅರಿವು ಮೂಡಿಸಲಾಗುತ್ತಿದೆ. ಸಹಶಿಬಿರಾಧಿಕಾರಿ ಡಾ.ಲಕ್ಷ್ಮೀರಂಗಯ್ಯ, ಜಾನಪದ ಆಕಾಡೆಮಿ ಸದಸ್ಯ ಮಲ್ಲಿಕಾರ್ಜುನ ಕೆಂಕೆರೆ, ಆಂಜನಮೂರ್ತಿ ಅವರುಗಳು ಜನಪದ ಸಂಭ್ರಮ ಕುರಿತು ಮಾತನಾಡಿದರು. ರಂಗಗೀತೆಗಳು, ಜಾನಪದ ಗೀತೆಗಳು ಪ್ರದರ್ಶನಗೊಂಡವು.
